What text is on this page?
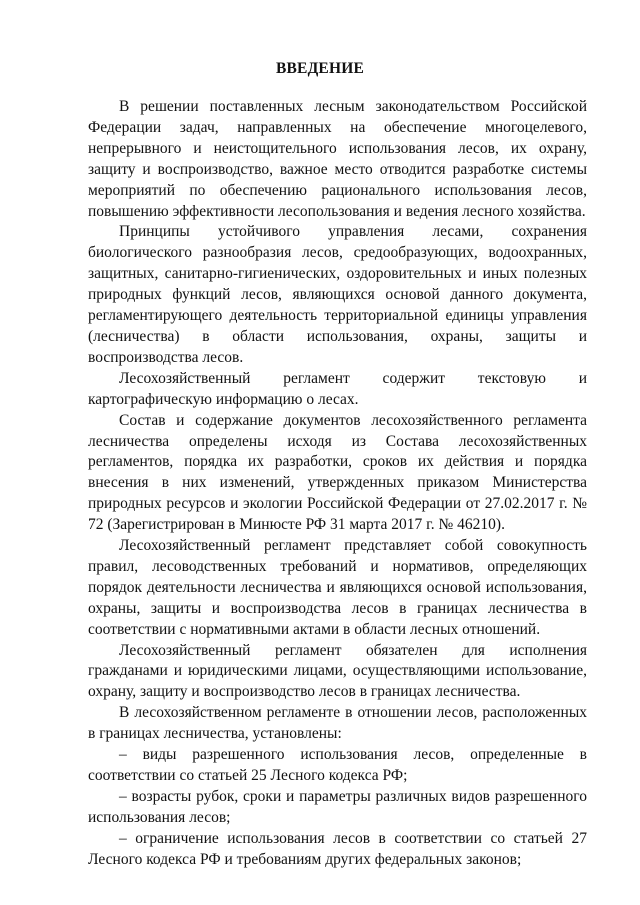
ВВЕДЕНИЕ

В решении поставленных лесным законодательством Российской Федерации задач, направленных на обеспечение многоцелевого, непрерывного и неистощительного использования лесов, их охрану, защиту и воспроизводство, важное место отводится разработке системы мероприятий по обеспечению рационального использования лесов, повышению эффективности лесопользования и ведения лесного хозяйства.

Принципы устойчивого управления лесами, сохранения биологического разнообразия лесов, средообразующих, водоохранных, защитных, санитарно-гигиенических, оздоровительных и иных полезных природных функций лесов, являющихся основой данного документа, регламентирующего деятельность территориальной единицы управления (лесничества) в области использования, охраны, защиты и воспроизводства лесов.

Лесохозяйственный регламент содержит текстовую и картографическую информацию о лесах.

Состав и содержание документов лесохозяйственного регламента лесничества определены исходя из Состава лесохозяйственных регламентов, порядка их разработки, сроков их действия и порядка внесения в них изменений, утвержденных приказом Министерства природных ресурсов и экологии Российской Федерации от 27.02.2017 г. № 72 (Зарегистрирован в Минюсте РФ 31 марта 2017 г. № 46210).

Лесохозяйственный регламент представляет собой совокупность правил, лесоводственных требований и нормативов, определяющих порядок деятельности лесничества и являющихся основой использования, охраны, защиты и воспроизводства лесов в границах лесничества в соответствии с нормативными актами в области лесных отношений.

Лесохозяйственный регламент обязателен для исполнения гражданами и юридическими лицами, осуществляющими использование, охрану, защиту и воспроизводство лесов в границах лесничества.

В лесохозяйственном регламенте в отношении лесов, расположенных в границах лесничества, установлены:

– виды разрешенного использования лесов, определенные в соответствии со статьей 25 Лесного кодекса РФ;

– возрасты рубок, сроки и параметры различных видов разрешенного использования лесов;

– ограничение использования лесов в соответствии со статьей 27 Лесного кодекса РФ и требованиям других федеральных законов;
